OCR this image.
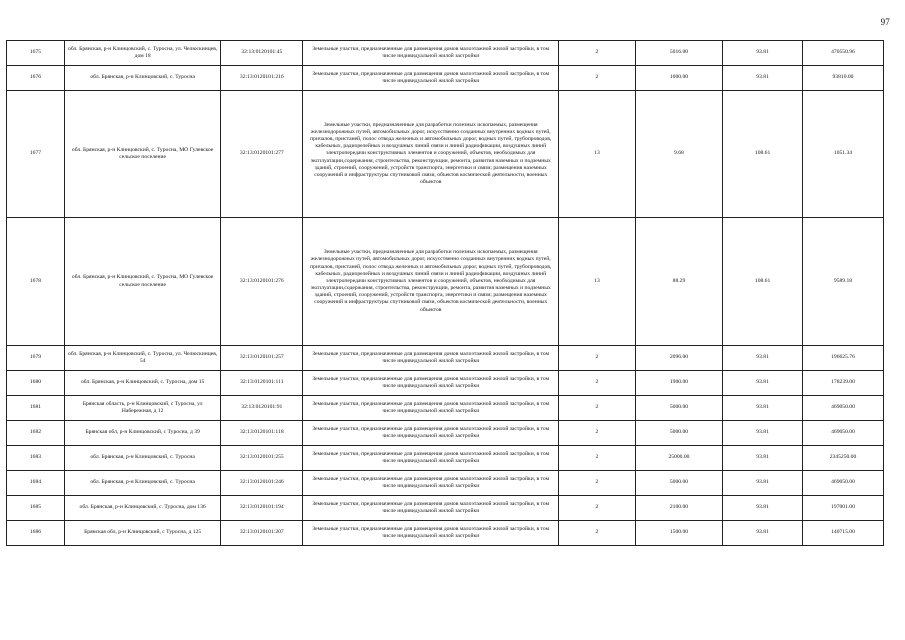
97
1675	обл. Брянская, р-н Клинцовский, с. Туросна, ул. Челюскинцев, дом 18	32:13:0120101:45	Земельные участки, предназначенные для размещения домов малоэтажной жилой застройки, в том числе индивидуальной жилой застройки	2	5016.00	93.81	470550.96
1676	обл. Брянская, р-н Клинцовский, с. Туросна	32:13:0120101:216	Земельные участки, предназначенные для размещения домов малоэтажной жилой застройки, в том числе индивидуальной жилой застройки	2	1000.00	93.81	93810.00
1677	обл. Брянская, р-н Клинцовский, с. Туросна, МО Гулевское сельское поселение	32:13:0120101:277	Земельные участки, предназначенные для разработки полезных ископаемых, размещения железнодорожных путей, автомобильных дорог, искусственно созданных внутренних водных путей, причалов, пристаней, полос отвода железных и автомобильных дорог, водных путей, трубопроводов, кабельных, радиорелейных и воздушных линий связи и линий радиофикации, воздушных линий электропередачи конструктивных элементов и сооружений, объектов, необходимых для эксплуатации,содержания, строительства, реконструкции, ремонта, развития наземных и подземных зданий, строений, сооружений, устройств транспорта, энергетики и связи; размещения наземных сооружений и инфраструктуры спутниковой связи, объектов космической деятельности, военных объектов	13	9.68	108.61	1051.34
1678	обл. Брянская, р-н Клинцовский, с. Туросна, МО Гулевское сельское поселение	32:13:0120101:276	Земельные участки, предназначенные для разработки полезных ископаемых, размещения железнодорожных путей, автомобильных дорог, искусственно созданных внутренних водных путей, причалов, пристаней, полос отвода железных и автомобильных дорог, водных путей, трубопроводов, кабельных, радиорелейных и воздушных линий связи и линий радиофикации, воздушных линий электропередачи конструктивных элементов и сооружений, объектов, необходимых для эксплуатации,содержания, строительства, реконструкции, ремонта, развития наземных и подземных зданий, строений, сооружений, устройств транспорта, энергетики и связи; размещения наземных сооружений и инфраструктуры спутниковой связи, объектов космической деятельности, военных объектов	13	88.29	108.61	9589.18
1679	обл. Брянская, р-н Клинцовский, с. Туросна, ул. Челюскинцев, 54	32:13:0120101:257	Земельные участки, предназначенные для размещения домов малоэтажной жилой застройки, в том числе индивидуальной жилой застройки	2	2096.00	93.81	196625.76
1680	обл. Брянская, р-н Клинцовский, с. Туросна, дом 15	32:13:0120101:111	Земельные участки, предназначенные для размещения домов малоэтажной жилой застройки, в том числе индивидуальной жилой застройки	2	1900.00	93.81	178239.00
1681	Брянская область, р-н Клинцовский, с Туросна, ул Набережная, д 12	32:13:0120101:91	Земельные участки, предназначенные для размещения домов малоэтажной жилой застройки, в том числе индивидуальной жилой застройки	2	5000.00	93.81	469050.00
1682	Брянская обл, р-н Клинцовский, с Туросна, д 39	32:13:0120101:118	Земельные участки, предназначенные для размещения домов малоэтажной жилой застройки, в том числе индивидуальной жилой застройки	2	5000.00	93.81	469050.00
1683	обл. Брянская, р-н Клинцовский, с. Туросна	32:13:0120101:255	Земельные участки, предназначенные для размещения домов малоэтажной жилой застройки, в том числе индивидуальной жилой застройки	2	25000.00	93.81	2345250.00
1684	обл. Брянская, р-н Клинцовский, с. Туросна	32:13:0120101:246	Земельные участки, предназначенные для размещения домов малоэтажной жилой застройки, в том числе индивидуальной жилой застройки	2	5000.00	93.81	469050.00
1685	обл. Брянская, р-н Клинцовский, с. Туросна, дом 136	32:13:0120101:194	Земельные участки, предназначенные для размещения домов малоэтажной жилой застройки, в том числе индивидуальной жилой застройки	2	2100.00	93.81	197001.00
1686	Брянская обл, р-н Клинцовский, с Туросна, д 125	32:13:0120101:207	Земельные участки, предназначенные для размещения домов малоэтажной жилой застройки, в том числе индивидуальной жилой застройки	2	1500.00	93.81	140715.00
